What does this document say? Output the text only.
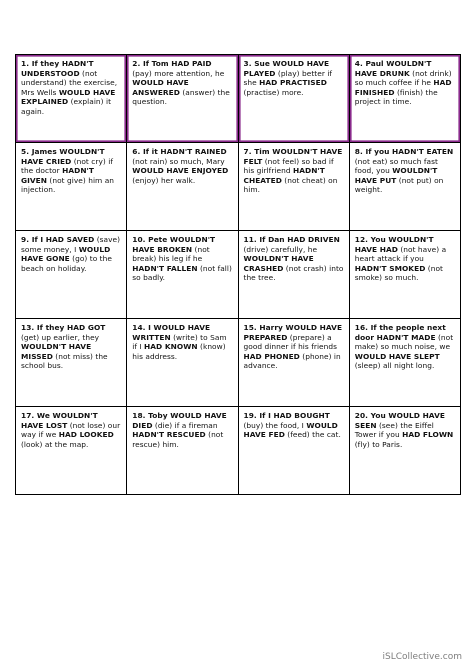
1. If they HADN'T UNDERSTOOD (not understand) the exercise, Mrs Wells WOULD HAVE EXPLAINED (explain) it again.
2. If Tom HAD PAID (pay) more attention, he WOULD HAVE ANSWERED (answer) the question.
3. Sue WOULD HAVE PLAYED (play) better if she HAD PRACTISED (practise) more.
4. Paul WOULDN'T HAVE DRUNK (not drink) so much coffee if he HAD FINISHED (finish) the project in time.
5. James WOULDN'T HAVE CRIED (not cry) if the doctor HADN'T GIVEN (not give) him an injection.
6. If it HADN'T RAINED (not rain) so much, Mary WOULD HAVE ENJOYED (enjoy) her walk.
7. Tim WOULDN'T HAVE FELT (not feel) so bad if his girlfriend HADN'T CHEATED (not cheat) on him.
8. If you HADN'T EATEN (not eat) so much fast food, you WOULDN'T HAVE PUT (not put) on weight.
9. If I HAD SAVED (save) some money, I WOULD HAVE GONE (go) to the beach on holiday.
10. Pete WOULDN'T HAVE BROKEN (not break) his leg if he HADN'T FALLEN (not fall) so badly.
11. If Dan HAD DRIVEN (drive) carefully, he WOULDN'T HAVE CRASHED (not crash) into the tree.
12. You WOULDN'T HAVE HAD (not have) a heart attack if you HADN'T SMOKED (not smoke) so much.
13. If they HAD GOT (get) up earlier, they WOULDN'T HAVE MISSED (not miss) the school bus.
14. I WOULD HAVE WRITTEN (write) to Sam if I HAD KNOWN (know) his address.
15. Harry WOULD HAVE PREPARED (prepare) a good dinner if his friends HAD PHONED (phone) in advance.
16. If the people next door HADN'T MADE (not make) so much noise, we WOULD HAVE SLEPT (sleep) all night long.
17. We WOULDN'T HAVE LOST (not lose) our way if we HAD LOOKED (look) at the map.
18. Toby WOULD HAVE DIED (die) if a fireman HADN'T RESCUED (not rescue) him.
19. If I HAD BOUGHT (buy) the food, I WOULD HAVE FED (feed) the cat.
20. You WOULD HAVE SEEN (see) the Eiffel Tower if you HAD FLOWN (fly) to Paris.
iSLCollective.com
